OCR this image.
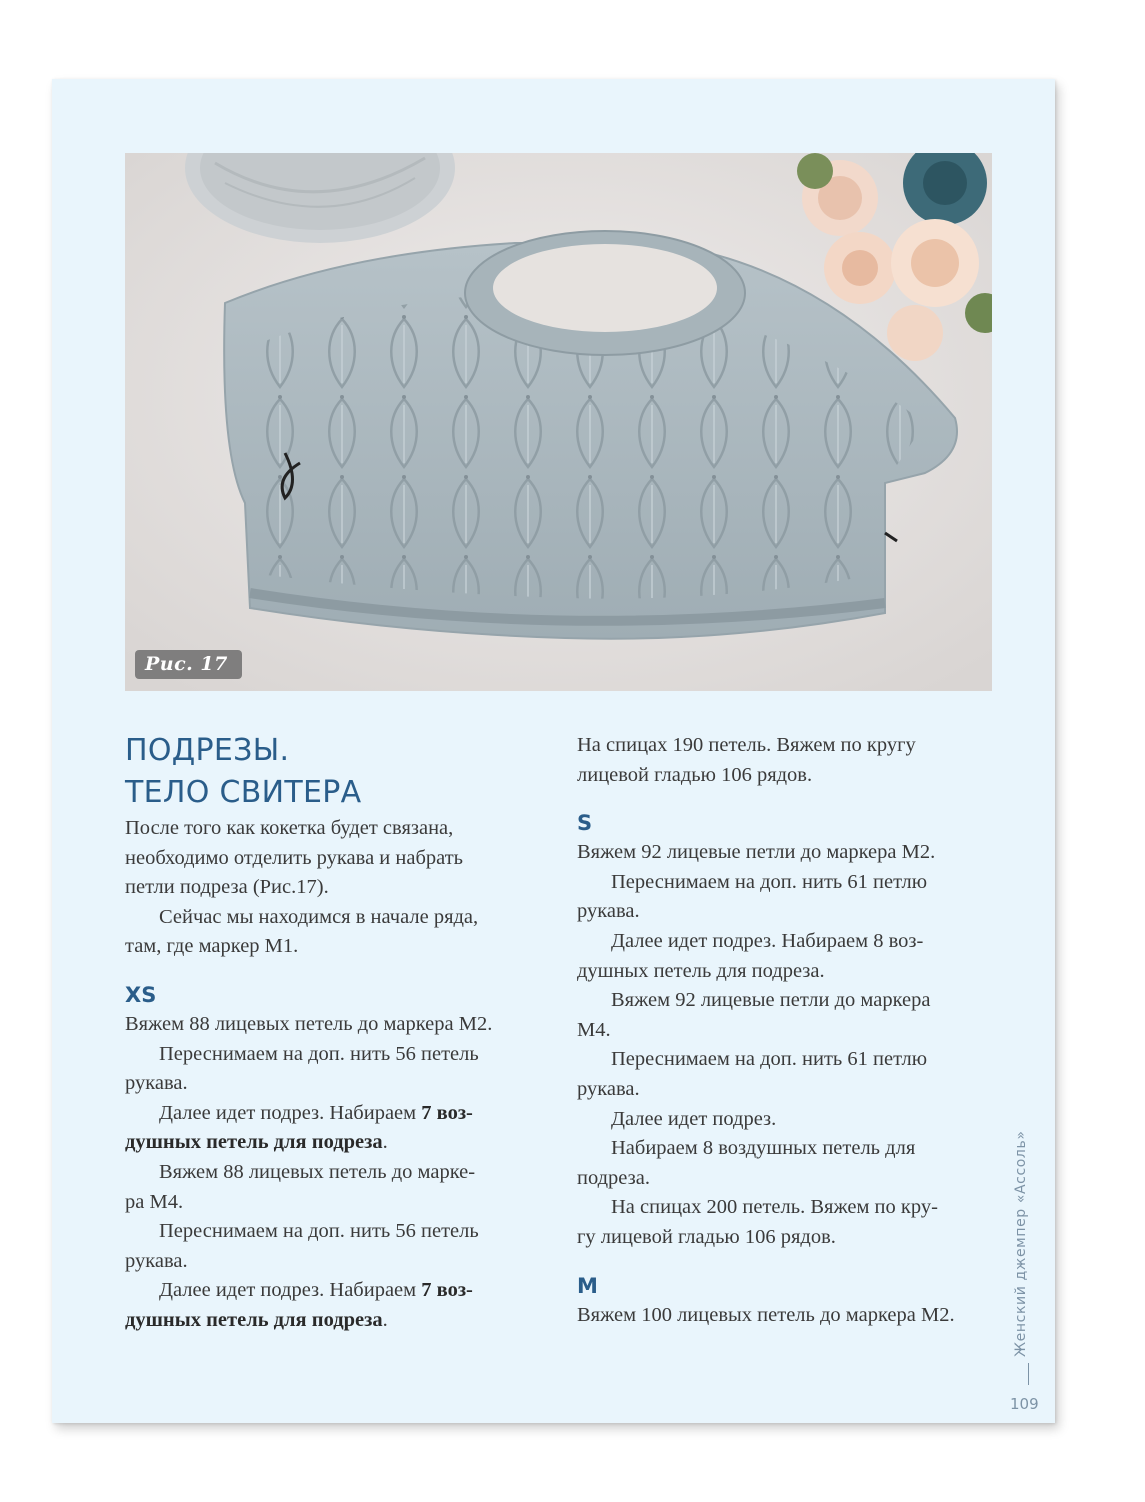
Рис. 17
ПОДРЕЗЫ.
ТЕЛО СВИТЕРА

После того как кокетка будет связана,

необходимо отделить рукава и набрать

петли подреза (Рис.17).

Сейчас мы находимся в начале ряда,

там, где маркер M1.

XS

Вяжем 88 лицевых петель до маркера M2.

Переснимаем на доп. нить 56 петель

рукава.

Далее идет подрез. Набираем 7 воз-

душных петель для подреза.

Вяжем 88 лицевых петель до марке-

ра M4.

Переснимаем на доп. нить 56 петель

рукава.

Далее идет подрез. Набираем 7 воз-

душных петель для подреза.

На спицах 190 петель. Вяжем по кругу

лицевой гладью 106 рядов.

S

Вяжем 92 лицевые петли до маркера M2.

Переснимаем на доп. нить 61 петлю

рукава.

Далее идет подрез. Набираем 8 воз-

душных петель для подреза.

Вяжем 92 лицевые петли до маркера

M4.

Переснимаем на доп. нить 61 петлю

рукава.

Далее идет подрез.

Набираем 8 воздушных петель для

подреза.

На спицах 200 петель. Вяжем по кру-

гу лицевой гладью 106 рядов.

M

Вяжем 100 лицевых петель до маркера M2.	Женский джемпер «Ассоль»
109
